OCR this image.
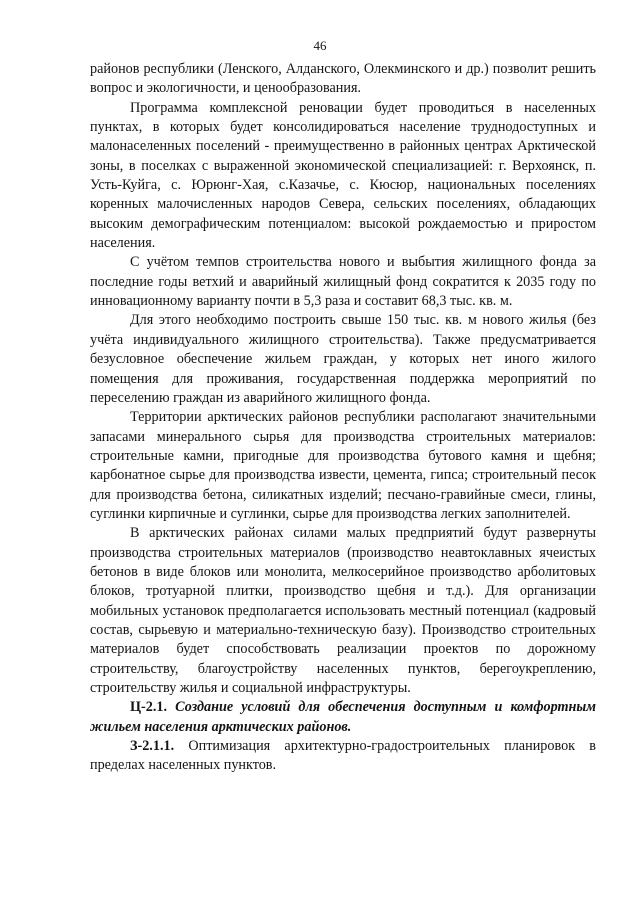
46

районов республики (Ленского, Алданского, Олекминского и др.) позволит решить вопрос и экологичности, и ценообразования.

Программа комплексной реновации будет проводиться в населенных пунктах, в которых будет консолидироваться население труднодоступных и малонаселенных поселений - преимущественно в районных центрах Арктической зоны, в поселках с выраженной экономической специализацией: г. Верхоянск, п. Усть-Куйга, с. Юрюнг-Хая, с.Казачье, с. Кюсюр, национальных поселениях коренных малочисленных народов Севера, сельских поселениях, обладающих высоким демографическим потенциалом: высокой рождаемостью и приростом населения.

С учётом темпов строительства нового и выбытия жилищного фонда за последние годы ветхий и аварийный жилищный фонд сократится к 2035 году по инновационному варианту почти в 5,3 раза и составит 68,3 тыс. кв. м.

Для этого необходимо построить свыше 150 тыс. кв. м нового жилья (без учёта индивидуального жилищного строительства). Также предусматривается безусловное обеспечение жильем граждан, у которых нет иного жилого помещения для проживания, государственная поддержка мероприятий по переселению граждан из аварийного жилищного фонда.

Территории арктических районов республики располагают значительными запасами минерального сырья для производства строительных материалов: строительные камни, пригодные для производства бутового камня и щебня; карбонатное сырье для производства извести, цемента, гипса; строительный песок для производства бетона, силикатных изделий; песчано-гравийные смеси, глины, суглинки кирпичные и суглинки, сырье для производства легких заполнителей.

В арктических районах силами малых предприятий будут развернуты производства строительных материалов (производство неавтоклавных ячеистых бетонов в виде блоков или монолита, мелкосерийное производство арболитовых блоков, тротуарной плитки, производство щебня и т.д.). Для организации мобильных установок предполагается использовать местный потенциал (кадровый состав, сырьевую и материально-техническую базу). Производство строительных материалов будет способствовать реализации проектов по дорожному строительству, благоустройству населенных пунктов, берегоукреплению, строительству жилья и социальной инфраструктуры.

Ц-2.1. Создание условий для обеспечения доступным и комфортным жильем населения арктических районов.

З-2.1.1. Оптимизация архитектурно-градостроительных планировок в пределах населенных пунктов.
